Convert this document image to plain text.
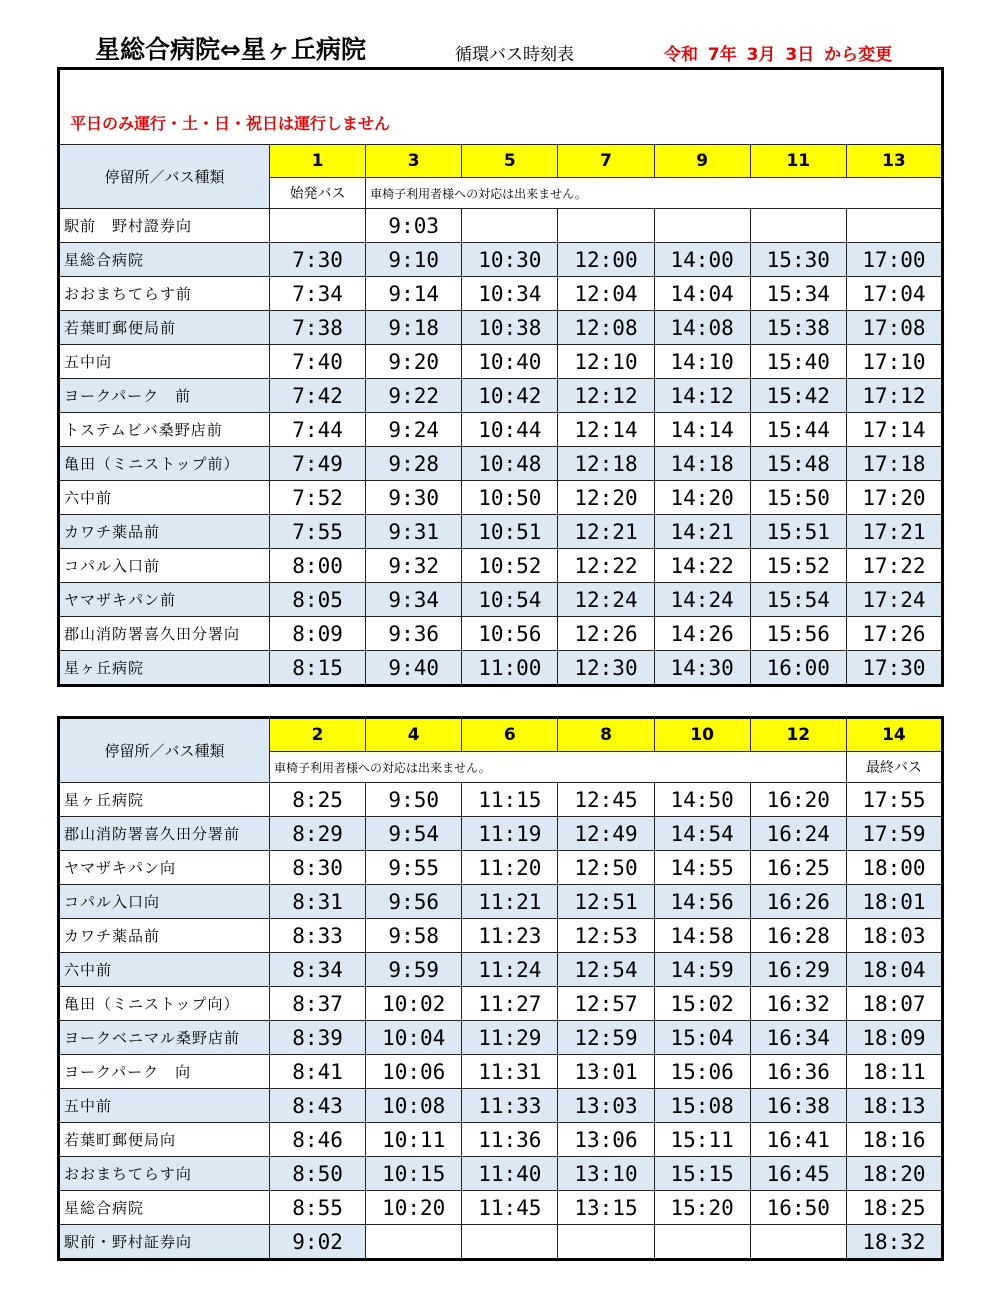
星総合病院⇔星ヶ丘病院	循環バス時刻表	令和 7年 3月 3日 から変更
平日のみ運行・土・日・祝日は運行しません							
停留所／バス種類	1	3	5	7	9	11	13
	始発バス	車椅子利用者様への対応は出来ません。					
駅前　野村證券向		9:03					
星総合病院	7:30	9:10	10:30	12:00	14:00	15:30	17:00
おおまちてらす前	7:34	9:14	10:34	12:04	14:04	15:34	17:04
若葉町郵便局前	7:38	9:18	10:38	12:08	14:08	15:38	17:08
五中向	7:40	9:20	10:40	12:10	14:10	15:40	17:10
ヨークパーク　前	7:42	9:22	10:42	12:12	14:12	15:42	17:12
トステムビバ桑野店前	7:44	9:24	10:44	12:14	14:14	15:44	17:14
亀田（ミニストップ前）	7:49	9:28	10:48	12:18	14:18	15:48	17:18
六中前	7:52	9:30	10:50	12:20	14:20	15:50	17:20
カワチ薬品前	7:55	9:31	10:51	12:21	14:21	15:51	17:21
コパル入口前	8:00	9:32	10:52	12:22	14:22	15:52	17:22
ヤマザキパン前	8:05	9:34	10:54	12:24	14:24	15:54	17:24
郡山消防署喜久田分署向	8:09	9:36	10:56	12:26	14:26	15:56	17:26
星ヶ丘病院	8:15	9:40	11:00	12:30	14:30	16:00	17:30
停留所／バス種類	2	4	6	8	10	12	14
	車椅子利用者様への対応は出来ません。						最終バス
星ヶ丘病院	8:25	9:50	11:15	12:45	14:50	16:20	17:55
郡山消防署喜久田分署前	8:29	9:54	11:19	12:49	14:54	16:24	17:59
ヤマザキパン向	8:30	9:55	11:20	12:50	14:55	16:25	18:00
コパル入口向	8:31	9:56	11:21	12:51	14:56	16:26	18:01
カワチ薬品前	8:33	9:58	11:23	12:53	14:58	16:28	18:03
六中前	8:34	9:59	11:24	12:54	14:59	16:29	18:04
亀田（ミニストップ向）	8:37	10:02	11:27	12:57	15:02	16:32	18:07
ヨークベニマル桑野店前	8:39	10:04	11:29	12:59	15:04	16:34	18:09
ヨークパーク　向	8:41	10:06	11:31	13:01	15:06	16:36	18:11
五中前	8:43	10:08	11:33	13:03	15:08	16:38	18:13
若葉町郵便局向	8:46	10:11	11:36	13:06	15:11	16:41	18:16
おおまちてらす向	8:50	10:15	11:40	13:10	15:15	16:45	18:20
星総合病院	8:55	10:20	11:45	13:15	15:20	16:50	18:25
駅前・野村証券向	9:02						18:32
